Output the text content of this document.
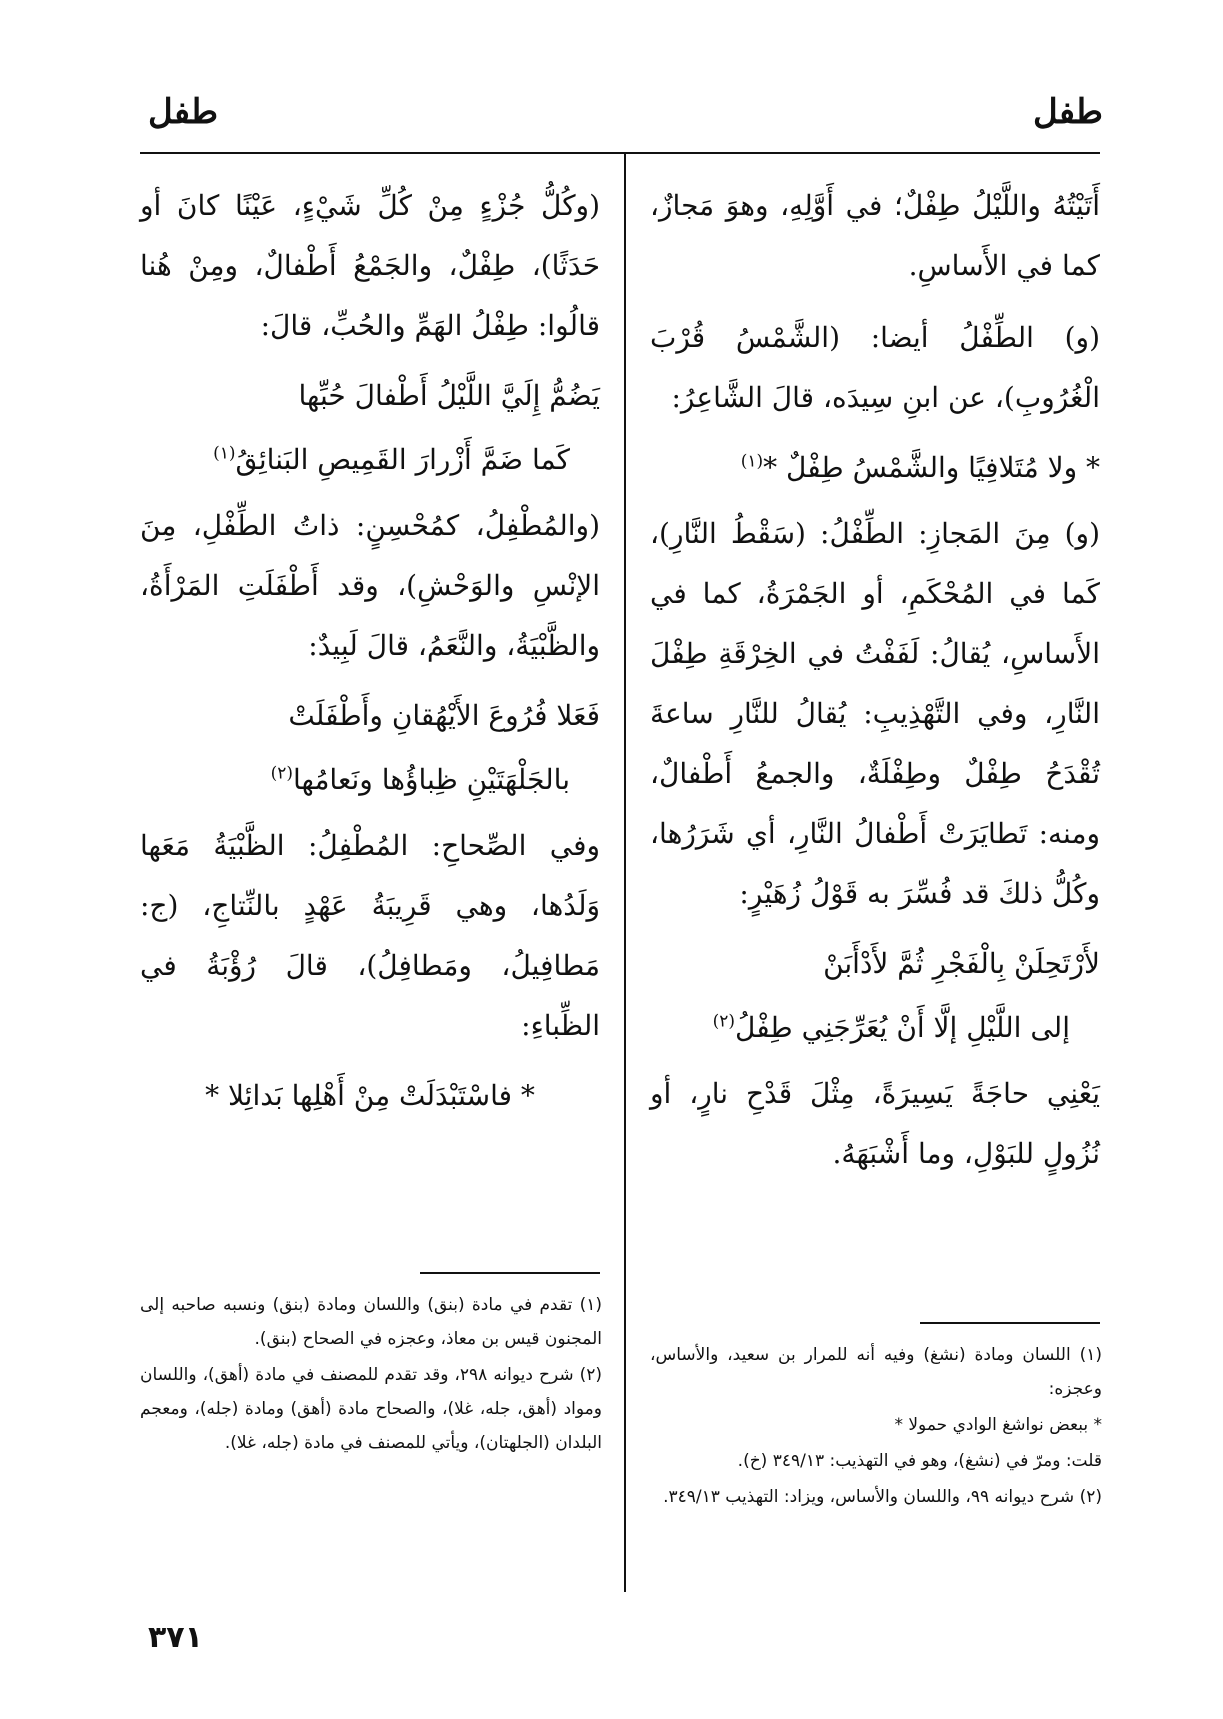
طفل
طفل

أَتَيْتُهُ واللَّيْلُ طِفْلٌ؛ في أَوَّلِهِ، وهوَ مَجازٌ، كما في الأَساسِ.

(و) الطِّفْلُ أيضا: (الشَّمْسُ قُرْبَ الْغُرُوبِ)، عن ابنِ سِيدَه، قالَ الشَّاعِرُ:

* ولا مُتَلافِيًا والشَّمْسُ طِفْلٌ *$^{(١)}$

(و) مِنَ المَجازِ: الطِّفْلُ: (سَقْطُ النَّارِ)، كَما في المُحْكَمِ، أو الجَمْرَةُ، كما في الأَساسِ، يُقالُ: لَفَفْتُ في الخِرْقَةِ طِفْلَ النَّارِ، وفي التَّهْذِيبِ: يُقالُ للنَّارِ ساعةَ تُقْدَحُ طِفْلٌ وطِفْلَةٌ، والجمعُ أَطْفالٌ، ومنه: تَطايَرَتْ أَطْفالُ النَّارِ، أي شَرَرُها، وكُلُّ ذلكَ قد فُسِّرَ به قَوْلُ زُهَيْرٍ:

لأَرْتَحِلَنْ بِالْفَجْرِ ثُمَّ لأَدْأَبَنْ

إلى اللَّيْلِ إلَّا أَنْ يُعَرِّجَنِي طِفْلُ$^{(٢)}$

يَعْنِي حاجَةً يَسِيرَةً، مِثْلَ قَدْحِ نارٍ، أو نُزُولٍ للبَوْلِ، وما أَشْبَهَهُ.

(وكُلُّ جُزْءٍ مِنْ كُلِّ شَيْءٍ، عَيْنًا كانَ أو حَدَثًا)، طِفْلٌ، والجَمْعُ أَطْفالٌ، ومِنْ هُنا قالُوا: طِفْلُ الهَمِّ والحُبِّ، قالَ:

يَضُمُّ إِلَيَّ اللَّيْلُ أَطْفالَ حُبِّها

كَما ضَمَّ أَزْرارَ القَمِيصِ البَنائِقُ$^{(١)}$

(والمُطْفِلُ، كمُحْسِنٍ: ذاتُ الطِّفْلِ، مِنَ الإنْسِ والوَحْشِ)، وقد أَطْفَلَتِ المَرْأَةُ، والظَّبْيَةُ، والنَّعَمُ، قالَ لَبِيدٌ:

فَعَلا فُرُوعَ الأَيْهُقانِ وأَطْفَلَتْ

بالجَلْهَتَيْنِ ظِباؤُها ونَعامُها$^{(٢)}$

وفي الصِّحاحِ: المُطْفِلُ: الظَّبْيَةُ مَعَها وَلَدُها، وهي قَرِيبَةُ عَهْدٍ بالنِّتاجِ، (ج: مَطافِيلُ، ومَطافِلُ)، قالَ رُؤْبَةُ في الظِّباءِ:

* فاسْتَبْدَلَتْ مِنْ أَهْلِها بَدائِلا *

(١) اللسان ومادة (نشغ) وفيه أنه للمرار بن سعيد، والأساس، وعجزه:

* ببعض نواشغ الوادي حمولا *

قلت: ومرّ في (نشغ)، وهو في التهذيب: ٣٤٩/١٣ (خ).

(٢) شرح ديوانه ٩٩، واللسان والأساس، ويزاد: التهذيب ٣٤٩/١٣.

(١) تقدم في مادة (بنق) واللسان ومادة (بنق) ونسبه صاحبه إلى المجنون قيس بن معاذ، وعجزه في الصحاح (بنق).

(٢) شرح ديوانه ٢٩٨، وقد تقدم للمصنف في مادة (أهق)، واللسان ومواد (أهق، جله، غلا)، والصحاح مادة (أهق) ومادة (جله)، ومعجم البلدان (الجلهتان)، ويأتي للمصنف في مادة (جله، غلا).

٣٧١
